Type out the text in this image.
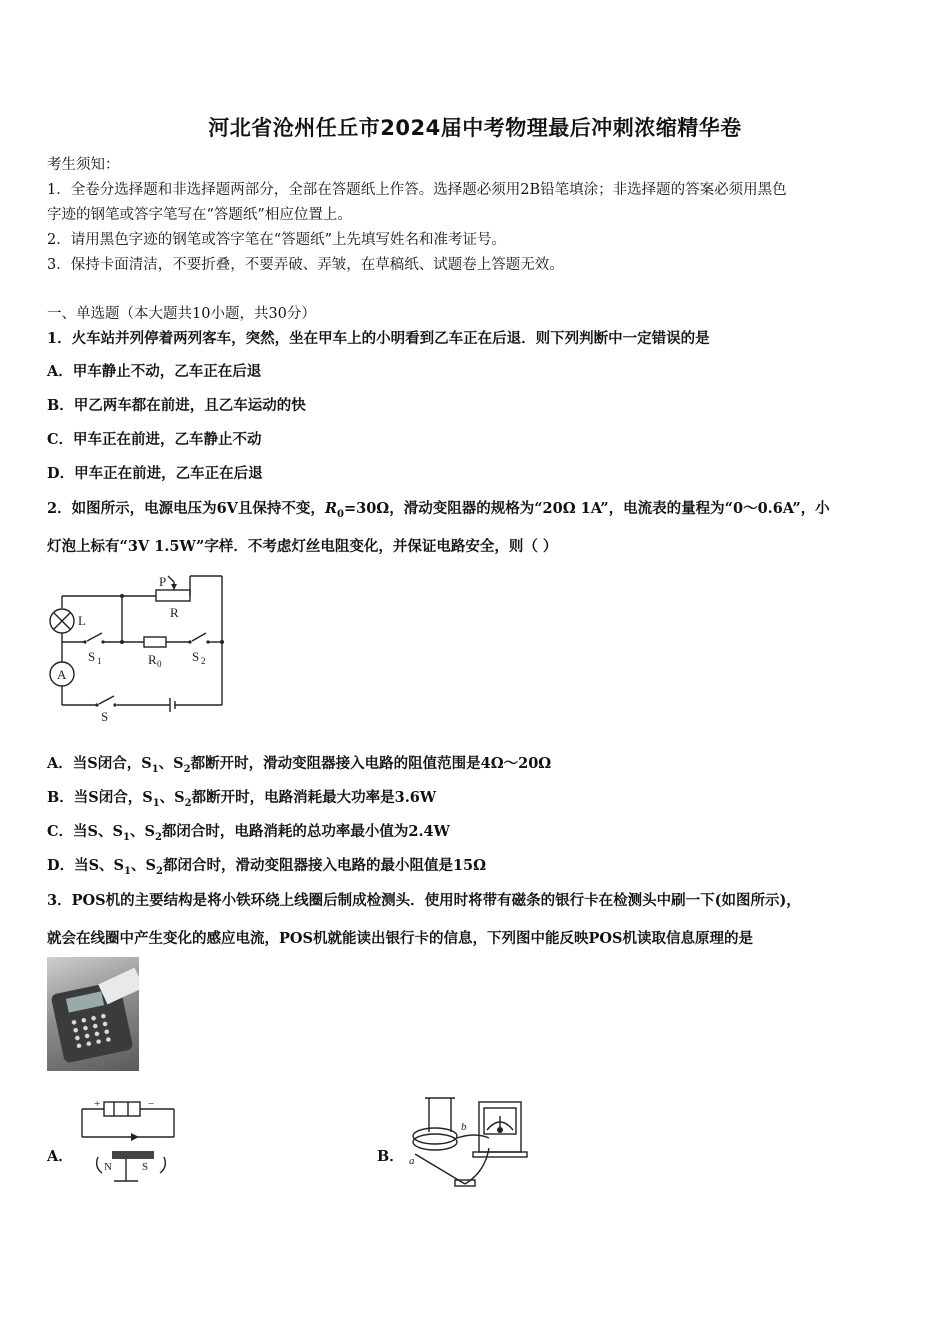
河北省沧州任丘市2024届中考物理最后冲刺浓缩精华卷
考生须知：
1．全卷分选择题和非选择题两部分，全部在答题纸上作答。选择题必须用2B铅笔填涂；非选择题的答案必须用黑色
字迹的钢笔或答字笔写在“答题纸”相应位置上。
2．请用黑色字迹的钢笔或答字笔在“答题纸”上先填写姓名和准考证号。
3．保持卡面清洁，不要折叠，不要弄破、弄皱，在草稿纸、试题卷上答题无效。
一、单选题（本大题共10小题，共30分）
1．火车站并列停着两列客车，突然，坐在甲车上的小明看到乙车正在后退．则下列判断中一定错误的是
A．甲车静止不动，乙车正在后退
B．甲乙两车都在前进，且乙车运动的快
C．甲车正在前进，乙车静止不动
D．甲车正在前进，乙车正在后退
2．如图所示，电源电压为6V且保持不变，$R_0=30\Omega$，滑动变阻器的规格为“20Ω 1A”，电流表的量程为“0～0.6A”，小
灯泡上标有“3V 1.5W”字样．不考虑灯丝电阻变化，并保证电路安全，则（ ）
P
R
L
A
S 1	R 0 S 2
S
A．当S闭合，$S_1$、$S_2$都断开时，滑动变阻器接入电路的阻值范围是4Ω～20Ω
B．当S闭合，$S_1$、$S_2$都断开时，电路消耗最大功率是3.6W
C．当S、$S_1$、$S_2$都闭合时，电路消耗的总功率最小值为2.4W
D．当S、$S_1$、$S_2$都闭合时，滑动变阻器接入电路的最小阻值是15Ω
3．POS机的主要结构是将小铁环绕上线圈后制成检测头．使用时将带有磁条的银行卡在检测头中刷一下(如图所示)，
就会在线圈中产生变化的感应电流，POS机就能读出银行卡的信息，下列图中能反映POS机读取信息原理的是
A．
+	−
N	S
B． a
b
